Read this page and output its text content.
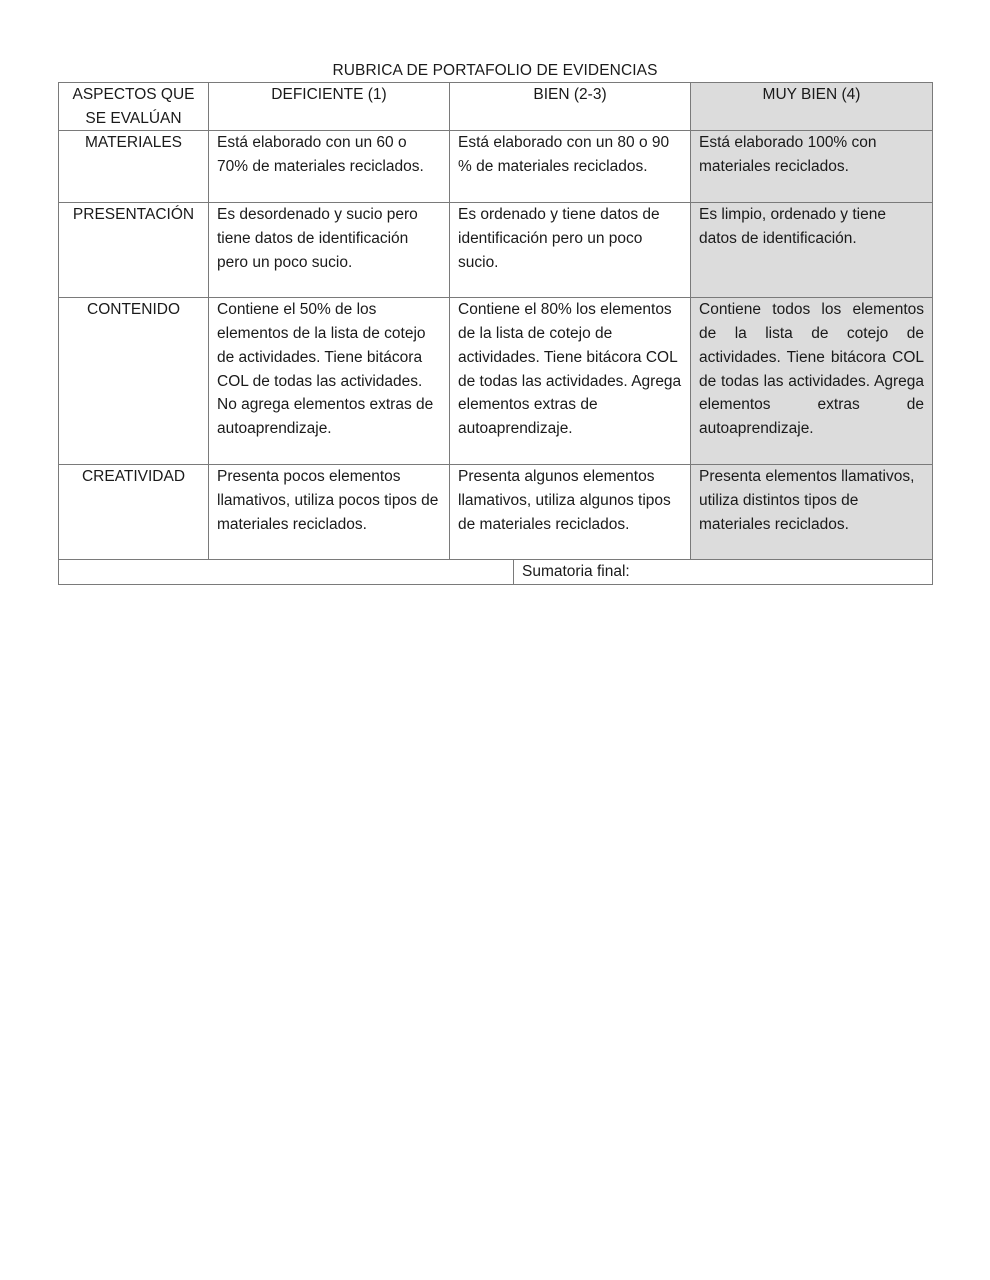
RUBRICA DE PORTAFOLIO DE EVIDENCIAS
ASPECTOS QUE SE EVALÚAN	DEFICIENTE (1)	BIEN (2-3)	MUY BIEN (4)

MATERIALES	Está elaborado con un 60 o 70% de materiales reciclados.	Está elaborado con un 80 o 90 % de materiales reciclados.	Está elaborado 100% con materiales reciclados.

PRESENTACIÓN	Es desordenado y sucio pero tiene datos de identificación pero un poco sucio.	Es ordenado y tiene datos de identificación pero un poco sucio.	Es limpio, ordenado y tiene datos de identificación.

CONTENIDO	Contiene el 50% de los elementos de la lista de cotejo de actividades. Tiene bitácora COL de todas las actividades. No agrega elementos extras de autoaprendizaje.	Contiene el 80% los elementos de la lista de cotejo de actividades. Tiene bitácora COL de todas las actividades. Agrega elementos extras de autoaprendizaje.	Contiene todos los elementos de la lista de cotejo de actividades. Tiene bitácora COL de todas las actividades. Agrega elementos extras de autoaprendizaje.

CREATIVIDAD	Presenta pocos elementos llamativos, utiliza pocos tipos de materiales reciclados.	Presenta algunos elementos llamativos, utiliza algunos tipos de materiales reciclados.	Presenta elementos llamativos, utiliza distintos tipos de materiales reciclados.

Sumatoria final:
